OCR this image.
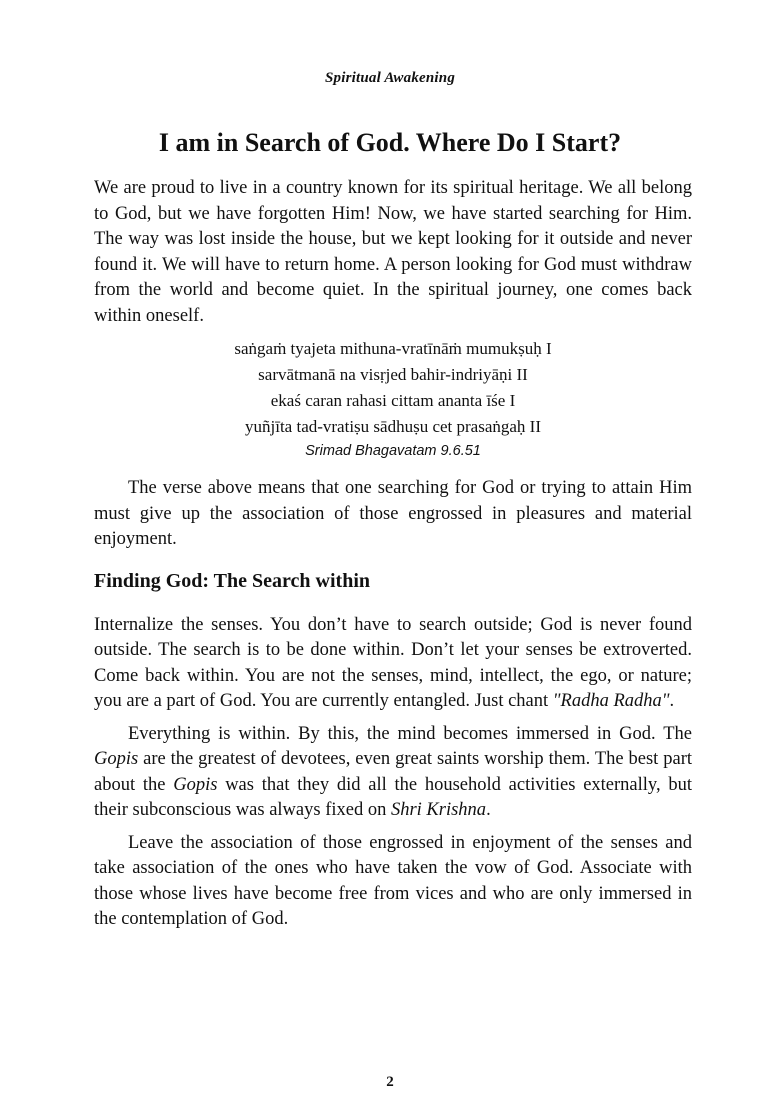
Spiritual Awakening
I am in Search of God. Where Do I Start?

We are proud to live in a country known for its spiritual heritage. We all belong to God, but we have forgotten Him! Now, we have started searching for Him. The way was lost inside the house, but we kept looking for it outside and never found it. We will have to return home. A person looking for God must withdraw from the world and become quiet. In the spiritual journey, one comes back within oneself.

saṅgaṁ tyajeta mithuna-vratīnāṁ mumukṣuḥ I
sarvātmanā na visṛjed bahir-indriyāṇi II
ekaś caran rahasi cittam ananta īśe I
yuñjīta tad-vratiṣu sādhuṣu cet prasaṅgaḥ II
Srimad Bhagavatam 9.6.51

The verse above means that one searching for God or trying to attain Him must give up the association of those engrossed in pleasures and material enjoyment.

Finding God: The Search within

Internalize the senses. You don’t have to search outside; God is never found outside. The search is to be done within. Don’t let your senses be extroverted. Come back within. You are not the senses, mind, intellect, the ego, or nature; you are a part of God. You are currently entangled. Just chant "Radha Radha".

Everything is within. By this, the mind becomes immersed in God. The Gopis are the greatest of devotees, even great saints worship them. The best part about the Gopis was that they did all the household activities externally, but their subconscious was always fixed on Shri Krishna.

Leave the association of those engrossed in enjoyment of the senses and take association of the ones who have taken the vow of God. Associate with those whose lives have become free from vices and who are only immersed in the contemplation of God.

2
